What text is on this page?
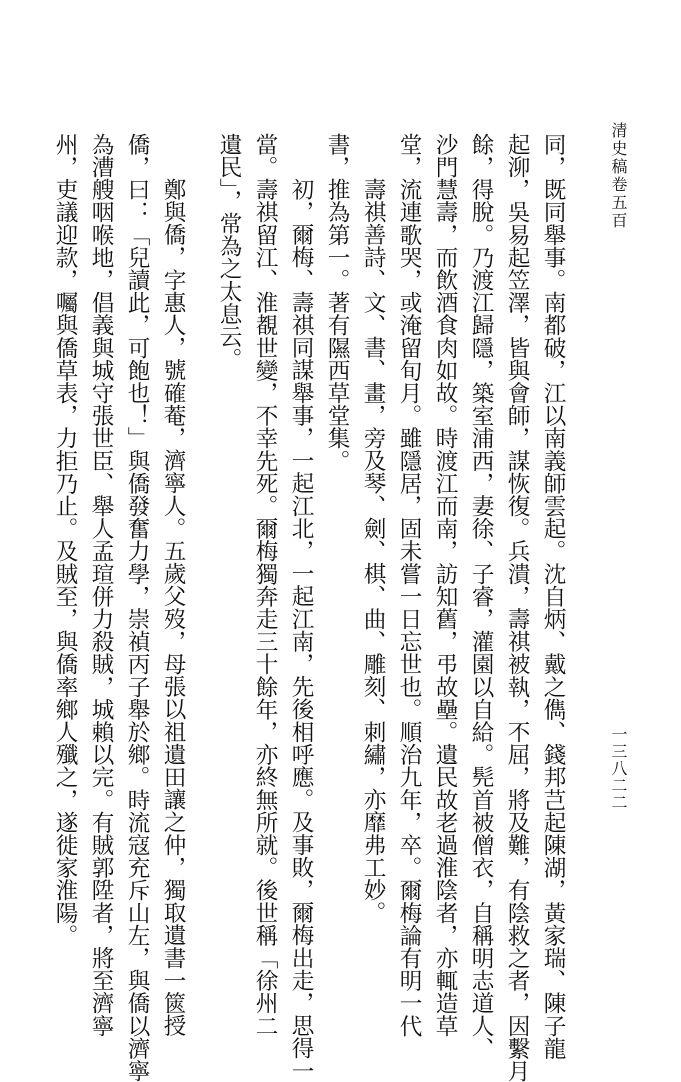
清史稿卷五百
一三八二二
同，既同舉事。南都破，江以南義師雲起。沈自炳、戴之儁、錢邦芑起陳湖，黃家瑞、陳子龍
起泖，吳易起笠澤，皆與會師，謀恢復。兵潰，壽祺被執，不屈，將及難，有陰救之者，因繫月
餘，得脫。乃渡江歸隱，築室浦西，妻徐、子睿，灌園以自給。髡首被僧衣，自稱明志道人、
沙門慧壽，而飲酒食肉如故。時渡江而南，訪知舊，弔故壘。遺民故老過淮陰者，亦輒造草
堂，流連歌哭，或淹留旬月。雖隱居，固未嘗一日忘世也。順治九年，卒。爾梅論有明一代
壽祺善詩、文、書、畫，旁及琴、劍、棋、曲、雕刻、刺繡，亦靡弗工妙。
書，推為第一。著有隰西草堂集。
初，爾梅、壽祺同謀舉事，一起江北，一起江南，先後相呼應。及事敗，爾梅出走，思得一
當。壽祺留江、淮覩世變，不幸先死。爾梅獨奔走三十餘年，亦終無所就。後世稱「徐州二
遺民」，常為之太息云。
鄭與僑，字惠人，號確菴，濟寧人。五歲父歿，母張以祖遺田讓之仲，獨取遺書一篋授
僑，曰：「兒讀此，可飽也！」與僑發奮力學，崇禎丙子舉於鄉。時流寇充斥山左，與僑以濟寧
為漕艘咽喉地，倡義與城守張世臣、舉人孟瑄併力殺賊，城賴以完。有賊郭陞者，將至濟寧
州，吏議迎款，囑與僑草表，力拒乃止。及賊至，與僑率鄉人殲之，遂徙家淮陽。
